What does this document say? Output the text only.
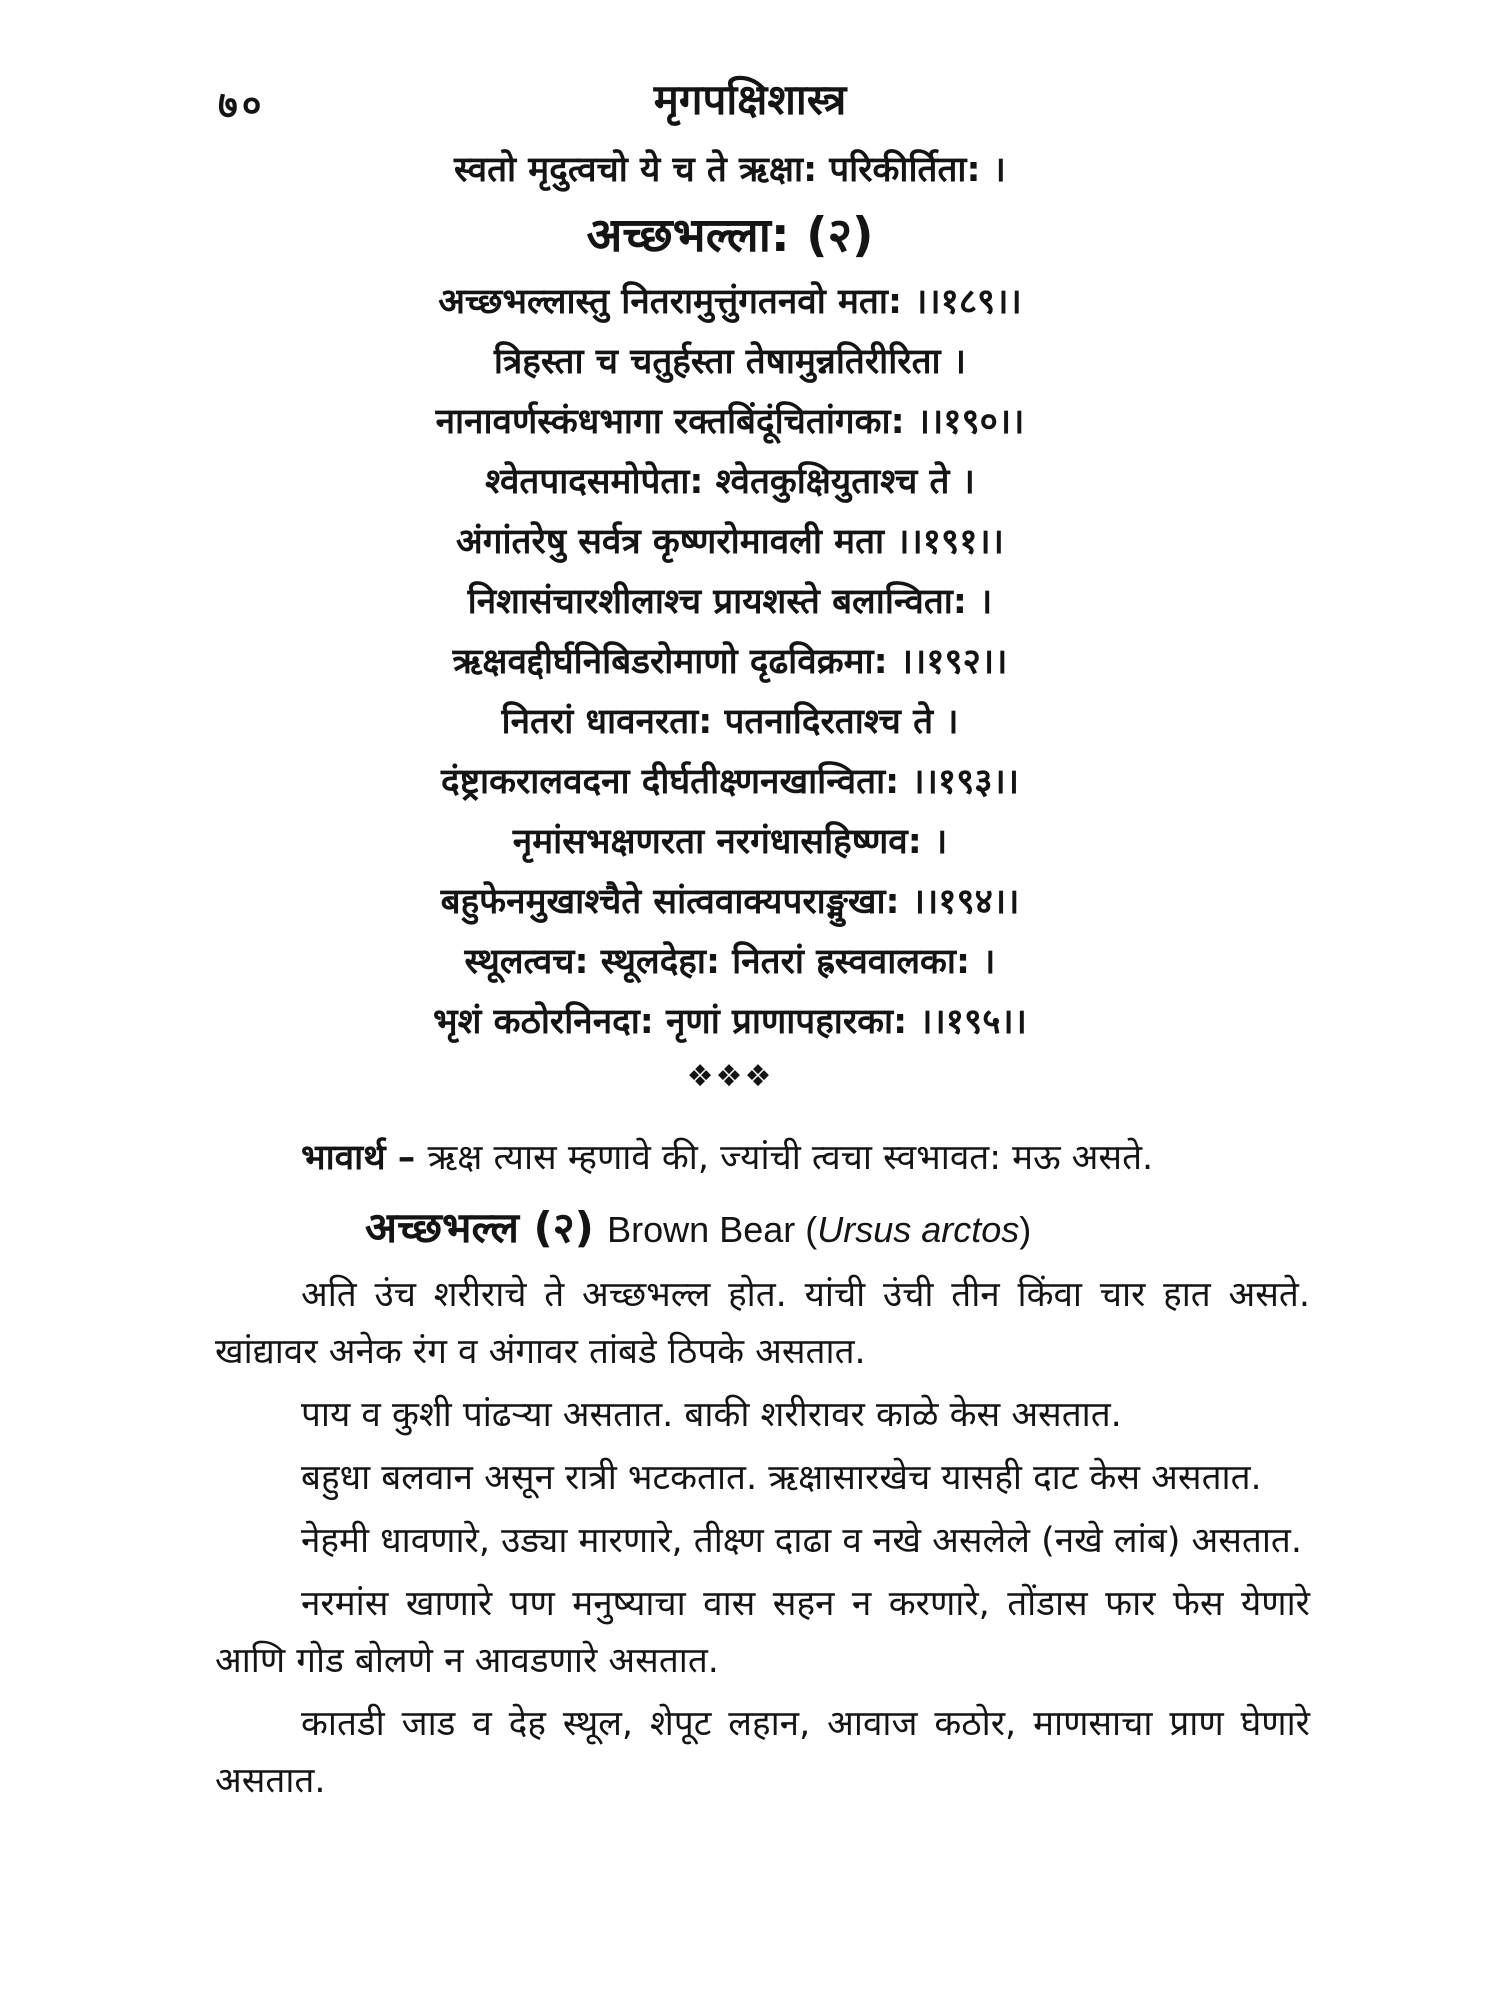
७०	मृगपक्षिशास्त्र
स्वतो मृदुत्वचो ये च ते ऋक्षा: परिकीर्तिता: ।
अच्छभल्ला: (२)
अच्छभल्लास्तु नितरामुत्तुंगतनवो मता: ।।१८९।।
त्रिहस्ता च चतुर्हस्ता तेषामुन्नतिरीरिता ।
नानावर्णस्कंधभागा रक्तबिंदूंचितांगका: ।।१९०।।
श्वेतपादसमोपेता: श्वेतकुक्षियुताश्च ते ।
अंगांतरेषु सर्वत्र कृष्णरोमावली मता ।।१९१।।
निशासंचारशीलाश्च प्रायशस्ते बलान्विता: ।
ऋक्षवद्दीर्घनिबिडरोमाणो दृढविक्रमा: ।।१९२।।
नितरां धावनरता: पतनादिरताश्च ते ।
दंष्ट्राकरालवदना दीर्घतीक्ष्णनखान्विता: ।।१९३।।
नृमांसभक्षणरता नरगंधासहिष्णव: ।
बहुफेनमुखाश्चैते सांत्ववाक्यपराङ्मुखा: ।।१९४।।
स्थूलत्वच: स्थूलदेहा: नितरां ह्रस्ववालका: ।
भृशं कठोरनिनदा: नृणां प्राणापहारका: ।।१९५।।
❖❖❖

भावार्थ – ऋक्ष त्यास म्हणावे की, ज्यांची त्वचा स्वभावत: मऊ असते.

अच्छभल्ल (२) Brown Bear (Ursus arctos)

अति उंच शरीराचे ते अच्छभल्ल होत. यांची उंची तीन किंवा चार हात असते. खांद्यावर अनेक रंग व अंगावर तांबडे ठिपके असतात.

पाय व कुशी पांढऱ्या असतात. बाकी शरीरावर काळे केस असतात.

बहुधा बलवान असून रात्री भटकतात. ऋक्षासारखेच यासही दाट केस असतात.

नेहमी धावणारे, उड्या मारणारे, तीक्ष्ण दाढा व नखे असलेले (नखे लांब) असतात.

नरमांस खाणारे पण मनुष्याचा वास सहन न करणारे, तोंडास फार फेस येणारे आणि गोड बोलणे न आवडणारे असतात.

कातडी जाड व देह स्थूल, शेपूट लहान, आवाज कठोर, माणसाचा प्राण घेणारे असतात.
